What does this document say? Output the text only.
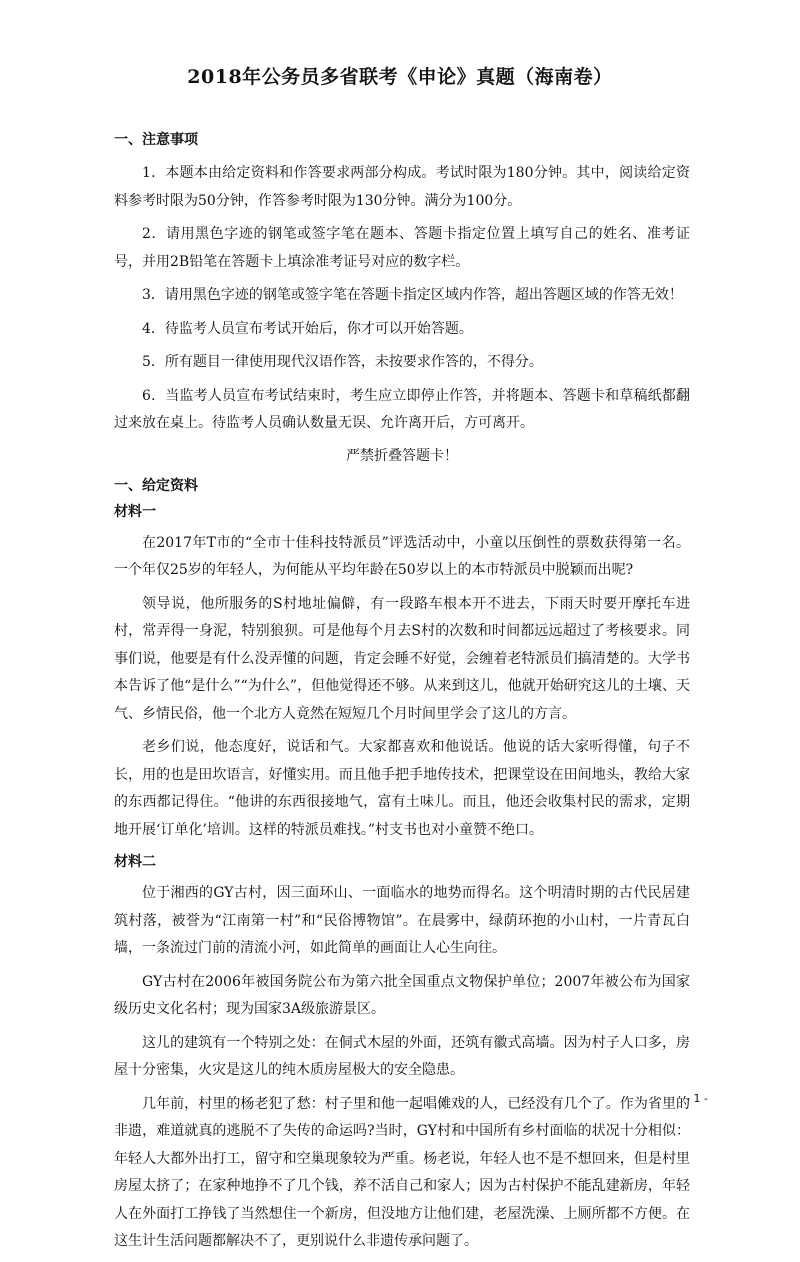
2018年公务员多省联考《申论》真题（海南卷）
一、注意事项
1．本题本由给定资料和作答要求两部分构成。考试时限为180分钟。其中，阅读给定资料参考时限为50分钟，作答参考时限为130分钟。满分为100分。
2．请用黑色字迹的钢笔或签字笔在题本、答题卡指定位置上填写自己的姓名、准考证号，并用2B铅笔在答题卡上填涂准考证号对应的数字栏。
3．请用黑色字迹的钢笔或签字笔在答题卡指定区域内作答，超出答题区域的作答无效！
4．待监考人员宣布考试开始后，你才可以开始答题。
5．所有题目一律使用现代汉语作答，未按要求作答的，不得分。
6．当监考人员宣布考试结束时，考生应立即停止作答，并将题本、答题卡和草稿纸都翻过来放在桌上。待监考人员确认数量无误、允许离开后，方可离开。
严禁折叠答题卡！
一、给定资料
材料一
在2017年T市的“全市十佳科技特派员”评选活动中，小童以压倒性的票数获得第一名。一个年仅25岁的年轻人，为何能从平均年龄在50岁以上的本市特派员中脱颖而出呢?
领导说，他所服务的S村地址偏僻，有一段路车根本开不进去，下雨天时要开摩托车进村，常弄得一身泥，特别狼狈。可是他每个月去S村的次数和时间都远远超过了考核要求。同事们说，他要是有什么没弄懂的问题，肯定会睡不好觉，会缠着老特派员们搞清楚的。大学书本告诉了他“是什么”“为什么”，但他觉得还不够。从来到这儿，他就开始研究这儿的土壤、天气、乡情民俗，他一个北方人竟然在短短几个月时间里学会了这儿的方言。
老乡们说，他态度好，说话和气。大家都喜欢和他说话。他说的话大家听得懂，句子不长，用的也是田坎语言，好懂实用。而且他手把手地传技术，把课堂设在田间地头，教给大家的东西都记得住。“他讲的东西很接地气，富有土味儿。而且，他还会收集村民的需求，定期地开展‘订单化’培训。这样的特派员难找。”村支书也对小童赞不绝口。
材料二
位于湘西的GY古村，因三面环山、一面临水的地势而得名。这个明清时期的古代民居建筑村落，被誉为“江南第一村”和“民俗博物馆”。在晨雾中，绿荫环抱的小山村，一片青瓦白墙，一条流过门前的清流小河，如此简单的画面让人心生向往。
GY古村在2006年被国务院公布为第六批全国重点文物保护单位；2007年被公布为国家级历史文化名村；现为国家3A级旅游景区。
这儿的建筑有一个特别之处：在侗式木屋的外面，还筑有徽式高墙。因为村子人口多，房屋十分密集，火灾是这儿的纯木质房屋极大的安全隐患。
几年前，村里的杨老犯了愁：村子里和他一起唱傩戏的人，已经没有几个了。作为省里的非遗，难道就真的逃脱不了失传的命运吗?当时，GY村和中国所有乡村面临的状况十分相似：年轻人大都外出打工，留守和空巢现象较为严重。杨老说，年轻人也不是不想回来，但是村里房屋太挤了；在家种地挣不了几个钱，养不活自己和家人；因为古村保护不能乱建新房，年轻人在外面打工挣钱了当然想住一个新房，但没地方让他们建，老屋洗澡、上厕所都不方便。在这生计生活问题都解决不了，更别说什么非遗传承问题了。
- 1 -
